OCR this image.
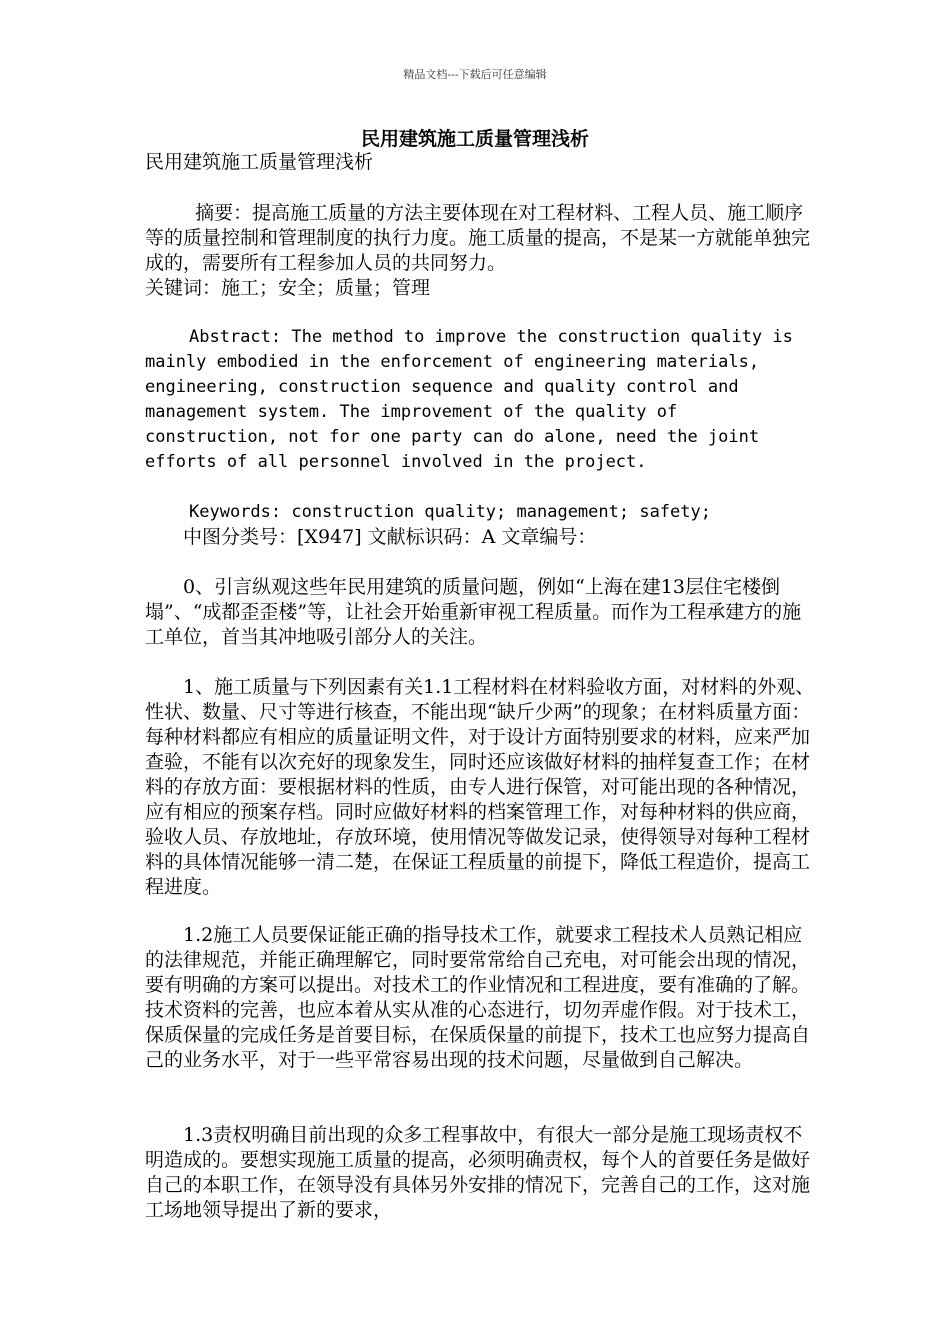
精品文档---下载后可任意编辑
民用建筑施工质量管理浅析

民用建筑施工质量管理浅析

摘要：提高施工质量的方法主要体现在对工程材料、工程人员、施工顺序等的质量控制和管理制度的执行力度。施工质量的提高，不是某一方就能单独完成的，需要所有工程参加人员的共同努力。

关键词：施工；安全；质量；管理

Abstract: The method to improve the construction quality is mainly embodied in the enforcement of engineering materials, engineering, construction sequence and quality control and management system. The improvement of the quality of construction, not for one party can do alone, need the joint efforts of all personnel involved in the project.

Keywords: construction quality; management; safety;

中图分类号：[X947] 文献标识码：A 文章编号：

0、引言纵观这些年民用建筑的质量问题，例如“上海在建13层住宅楼倒塌”、“成都歪歪楼”等，让社会开始重新审视工程质量。而作为工程承建方的施工单位，首当其冲地吸引部分人的关注。

1、施工质量与下列因素有关1.1工程材料在材料验收方面，对材料的外观、性状、数量、尺寸等进行核查，不能出现“缺斤少两”的现象；在材料质量方面：每种材料都应有相应的质量证明文件，对于设计方面特别要求的材料，应来严加查验，不能有以次充好的现象发生，同时还应该做好材料的抽样复查工作；在材料的存放方面：要根据材料的性质，由专人进行保管，对可能出现的各种情况，应有相应的预案存档。同时应做好材料的档案管理工作，对每种材料的供应商，验收人员、存放地址，存放环境，使用情况等做发记录，使得领导对每种工程材料的具体情况能够一清二楚，在保证工程质量的前提下，降低工程造价，提高工程进度。

1.2施工人员要保证能正确的指导技术工作，就要求工程技术人员熟记相应的法律规范，并能正确理解它，同时要常常给自己充电，对可能会出现的情况，要有明确的方案可以提出。对技术工的作业情况和工程进度，要有准确的了解。技术资料的完善，也应本着从实从准的心态进行，切勿弄虚作假。对于技术工，保质保量的完成任务是首要目标，在保质保量的前提下，技术工也应努力提高自己的业务水平，对于一些平常容易出现的技术问题，尽量做到自己解决。

1.3责权明确目前出现的众多工程事故中，有很大一部分是施工现场责权不明造成的。要想实现施工质量的提高，必须明确责权，每个人的首要任务是做好自己的本职工作，在领导没有具体另外安排的情况下，完善自己的工作，这对施工场地领导提出了新的要求，
